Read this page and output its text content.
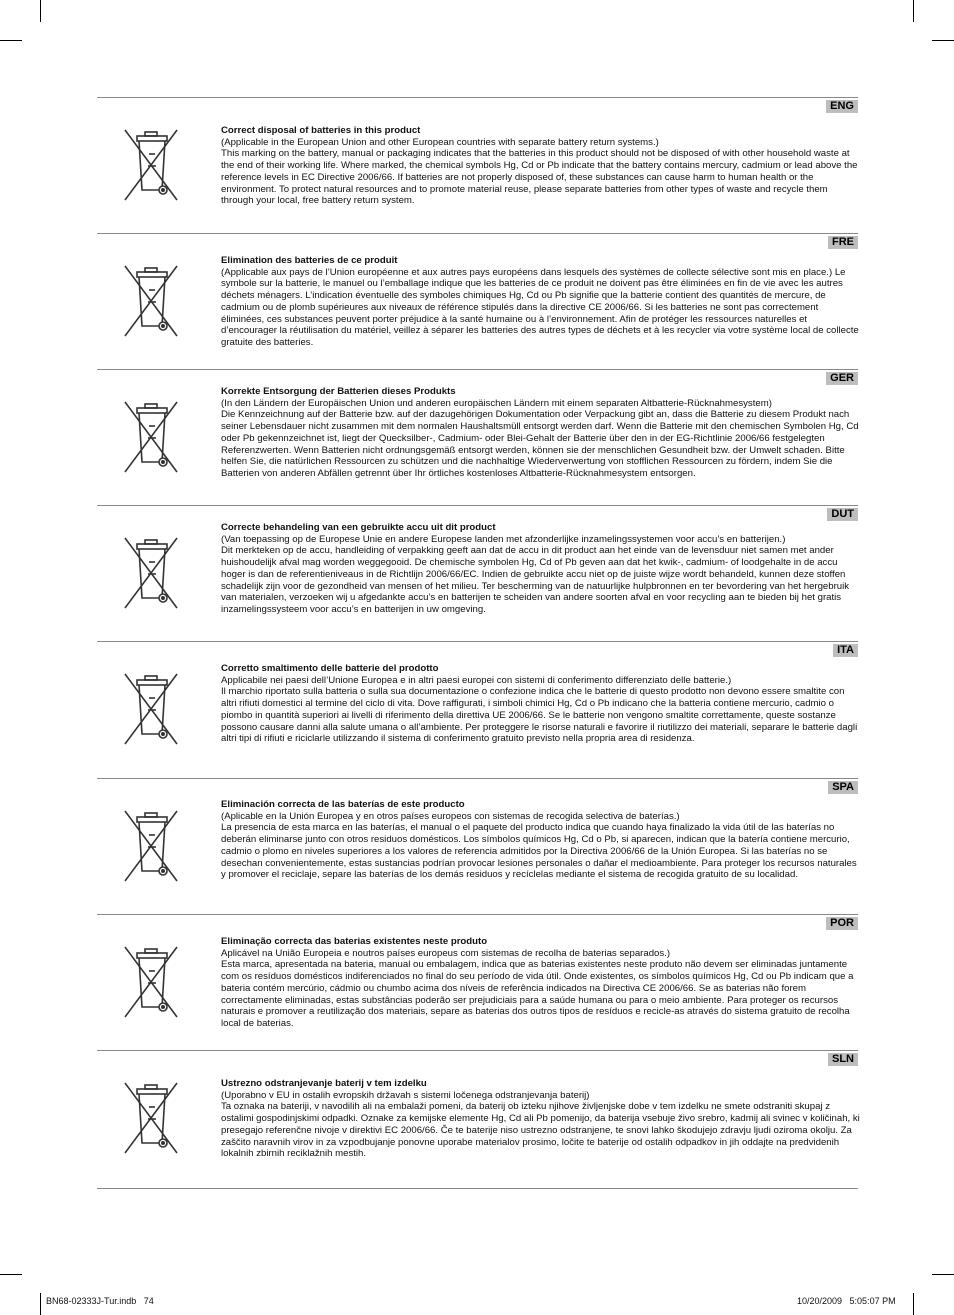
ENG
Correct disposal of batteries in this product
(Applicable in the European Union and other European countries with separate battery return systems.)
This marking on the battery, manual or packaging indicates that the batteries in this product should not be disposed of with other household waste at the end of their working life. Where marked, the chemical symbols Hg, Cd or Pb indicate that the battery contains mercury, cadmium or lead above the reference levels in EC Directive 2006/66. If batteries are not properly disposed of, these substances can cause harm to human health or the environment. To protect natural resources and to promote material reuse, please separate batteries from other types of waste and recycle them through your local, free battery return system.
FRE
Elimination des batteries de ce produit
(Applicable aux pays de l’Union européenne et aux autres pays européens dans lesquels des systèmes de collecte sélective sont mis en place.) Le symbole sur la batterie, le manuel ou l’emballage indique que les batteries de ce produit ne doivent pas être éliminées en fin de vie avec les autres déchets ménagers. L’indication éventuelle des symboles chimiques Hg, Cd ou Pb signifie que la batterie contient des quantités de mercure, de cadmium ou de plomb supérieures aux niveaux de référence stipulés dans la directive CE 2006/66. Si les batteries ne sont pas correctement éliminées, ces substances peuvent porter préjudice à la santé humaine ou à l’environnement. Afin de protéger les ressources naturelles et d’encourager la réutilisation du matériel, veillez à séparer les batteries des autres types de déchets et à les recycler via votre système local de collecte gratuite des batteries.
GER
Korrekte Entsorgung der Batterien dieses Produkts
(In den Ländern der Europäischen Union und anderen europäischen Ländern mit einem separaten Altbatterie-Rücknahmesystem)
Die Kennzeichnung auf der Batterie bzw. auf der dazugehörigen Dokumentation oder Verpackung gibt an, dass die Batterie zu diesem Produkt nach seiner Lebensdauer nicht zusammen mit dem normalen Haushaltsmüll entsorgt werden darf. Wenn die Batterie mit den chemischen Symbolen Hg, Cd oder Pb gekennzeichnet ist, liegt der Quecksilber-, Cadmium- oder Blei-Gehalt der Batterie über den in der EG-Richtlinie 2006/66 festgelegten Referenzwerten. Wenn Batterien nicht ordnungsgemäß entsorgt werden, können sie der menschlichen Gesundheit bzw. der Umwelt schaden. Bitte helfen Sie, die natürlichen Ressourcen zu schützen und die nachhaltige Wiederverwertung von stofflichen Ressourcen zu fördern, indem Sie die Batterien von anderen Abfällen getrennt über Ihr örtliches kostenloses Altbatterie-Rücknahmesystem entsorgen.
DUT
Correcte behandeling van een gebruikte accu uit dit product
(Van toepassing op de Europese Unie en andere Europese landen met afzonderlijke inzamelingssystemen voor accu’s en batterijen.)
Dit merkteken op de accu, handleiding of verpakking geeft aan dat de accu in dit product aan het einde van de levensduur niet samen met ander huishoudelijk afval mag worden weggegooid. De chemische symbolen Hg, Cd of Pb geven aan dat het kwik-, cadmium- of loodgehalte in de accu hoger is dan de referentieniveaus in de Richtlijn 2006/66/EC. Indien de gebruikte accu niet op de juiste wijze wordt behandeld, kunnen deze stoffen schadelijk zijn voor de gezondheid van mensen of het milieu. Ter bescherming van de natuurlijke hulpbronnen en ter bevordering van het hergebruik van materialen, verzoeken wij u afgedankte accu’s en batterijen te scheiden van andere soorten afval en voor recycling aan te bieden bij het gratis inzamelingssysteem voor accu’s en batterijen in uw omgeving.
ITA
Corretto smaltimento delle batterie del prodotto
Applicabile nei paesi dell’Unione Europea e in altri paesi europei con sistemi di conferimento differenziato delle batterie.)
Il marchio riportato sulla batteria o sulla sua documentazione o confezione indica che le batterie di questo prodotto non devono essere smaltite con altri rifiuti domestici al termine del ciclo di vita. Dove raffigurati, i simboli chimici Hg, Cd o Pb indicano che la batteria contiene mercurio, cadmio o piombo in quantità superiori ai livelli di riferimento della direttiva UE 2006/66. Se le batterie non vengono smaltite correttamente, queste sostanze possono causare danni alla salute umana o all’ambiente. Per proteggere le risorse naturali e favorire il riutilizzo dei materiali, separare le batterie dagli altri tipi di rifiuti e riciclarle utilizzando il sistema di conferimento gratuito previsto nella propria area di residenza.
SPA
Eliminación correcta de las baterías de este producto
(Aplicable en la Unión Europea y en otros países europeos con sistemas de recogida selectiva de baterías.)
La presencia de esta marca en las baterías, el manual o el paquete del producto indica que cuando haya finalizado la vida útil de las baterías no deberán eliminarse junto con otros residuos domésticos. Los símbolos químicos Hg, Cd o Pb, si aparecen, indican que la batería contiene mercurio, cadmio o plomo en niveles superiores a los valores de referencia admitidos por la Directiva 2006/66 de la Unión Europea. Si las baterías no se desechan convenientemente, estas sustancias podrían provocar lesiones personales o dañar el medioambiente. Para proteger los recursos naturales y promover el reciclaje, separe las baterías de los demás residuos y recíclelas mediante el sistema de recogida gratuito de su localidad.
POR
Eliminação correcta das baterias existentes neste produto
Aplicável na União Europeia e noutros países europeus com sistemas de recolha de baterias separados.)
Esta marca, apresentada na bateria, manual ou embalagem, indica que as baterias existentes neste produto não devem ser eliminadas juntamente com os resíduos domésticos indiferenciados no final do seu período de vida útil. Onde existentes, os símbolos químicos Hg, Cd ou Pb indicam que a bateria contém mercúrio, cádmio ou chumbo acima dos níveis de referência indicados na Directiva CE 2006/66. Se as baterias não forem correctamente eliminadas, estas substâncias poderão ser prejudiciais para a saúde humana ou para o meio ambiente. Para proteger os recursos naturais e promover a reutilização dos materiais, separe as baterias dos outros tipos de resíduos e recicle-as através do sistema gratuito de recolha local de baterias.
SLN
Ustrezno odstranjevanje baterij v tem izdelku
(Uporabno v EU in ostalih evropskih državah s sistemi ločenega odstranjevanja baterij)
Ta oznaka na bateriji, v navodilih ali na embalaži pomeni, da baterij ob izteku njihove življenjske dobe v tem izdelku ne smete odstraniti skupaj z ostalimi gospodinjskimi odpadki. Oznake za kemijske elemente Hg, Cd ali Pb pomenijo, da baterija vsebuje živo srebro, kadmij ali svinec v količinah, ki presegajo referenčne nivoje v direktivi EC 2006/66. Če te baterije niso ustrezno odstranjene, te snovi lahko škodujejo zdravju ljudi oziroma okolju. Za zaščito naravnih virov in za vzpodbujanje ponovne uporabe materialov prosimo, ločite te baterije od ostalih odpadkov in jih oddajte na predvidenih lokalnih zbirnih reciklažnih mestih.
BN68-02333J-Tur.indb   74	10/20/2009   5:05:07 PM
